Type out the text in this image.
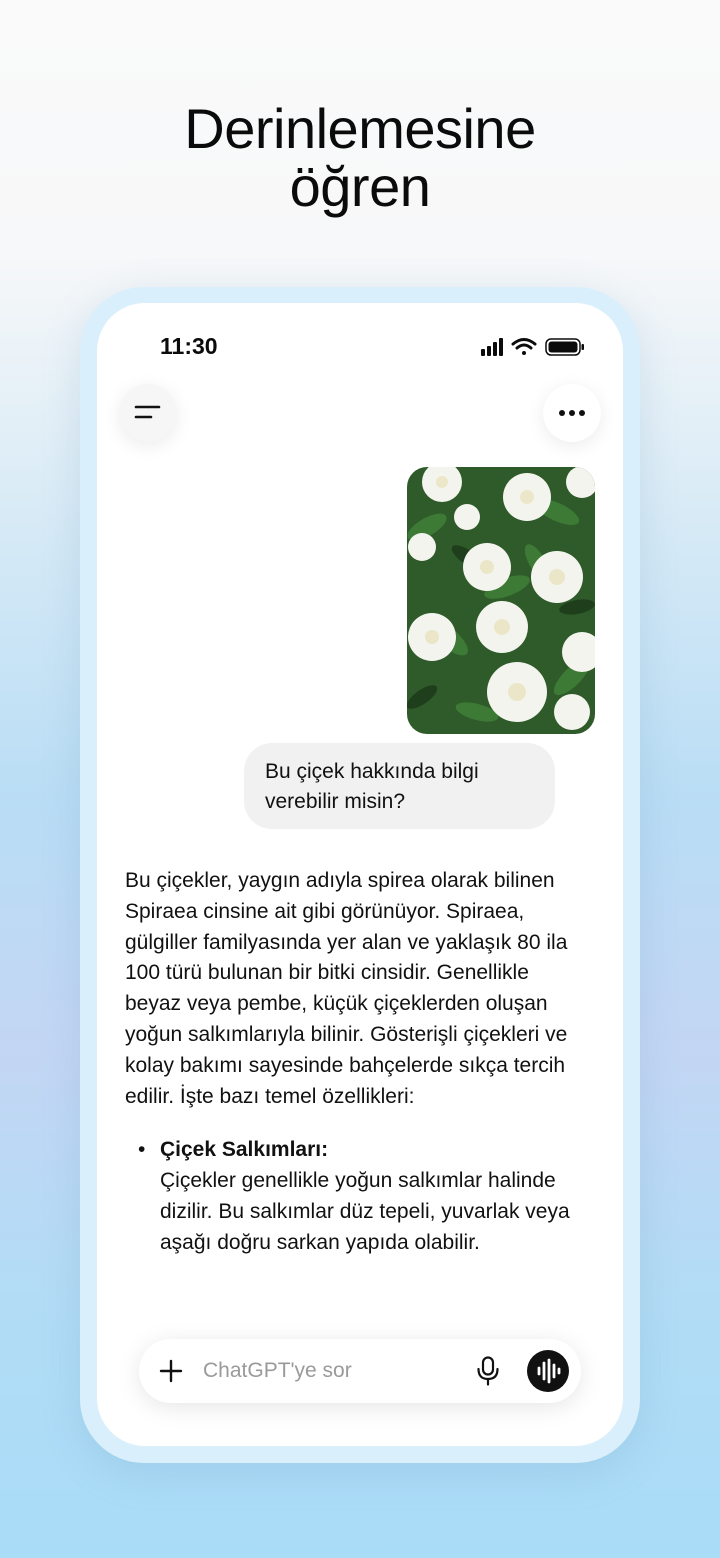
Derinlemesine
öğren
11:30
Bu çiçek hakkında bilgi verebilir misin?

Bu çiçekler, yaygın adıyla spirea olarak bilinen Spiraea cinsine ait gibi görünüyor. Spiraea, gülgiller familyasında yer alan ve yaklaşık 80 ila 100 türü bulunan bir bitki cinsidir. Genellikle beyaz veya pembe, küçük çiçeklerden oluşan yoğun salkımlarıyla bilinir. Gösterişli çiçekleri ve kolay bakımı sayesinde bahçelerde sıkça tercih edilir. İşte bazı temel özellikleri:

• Çiçek Salkımları:
Çiçekler genellikle yoğun salkımlar halinde dizilir. Bu salkımlar düz tepeli, yuvarlak veya aşağı doğru sarkan yapıda olabilir.
ChatGPT'ye sor
